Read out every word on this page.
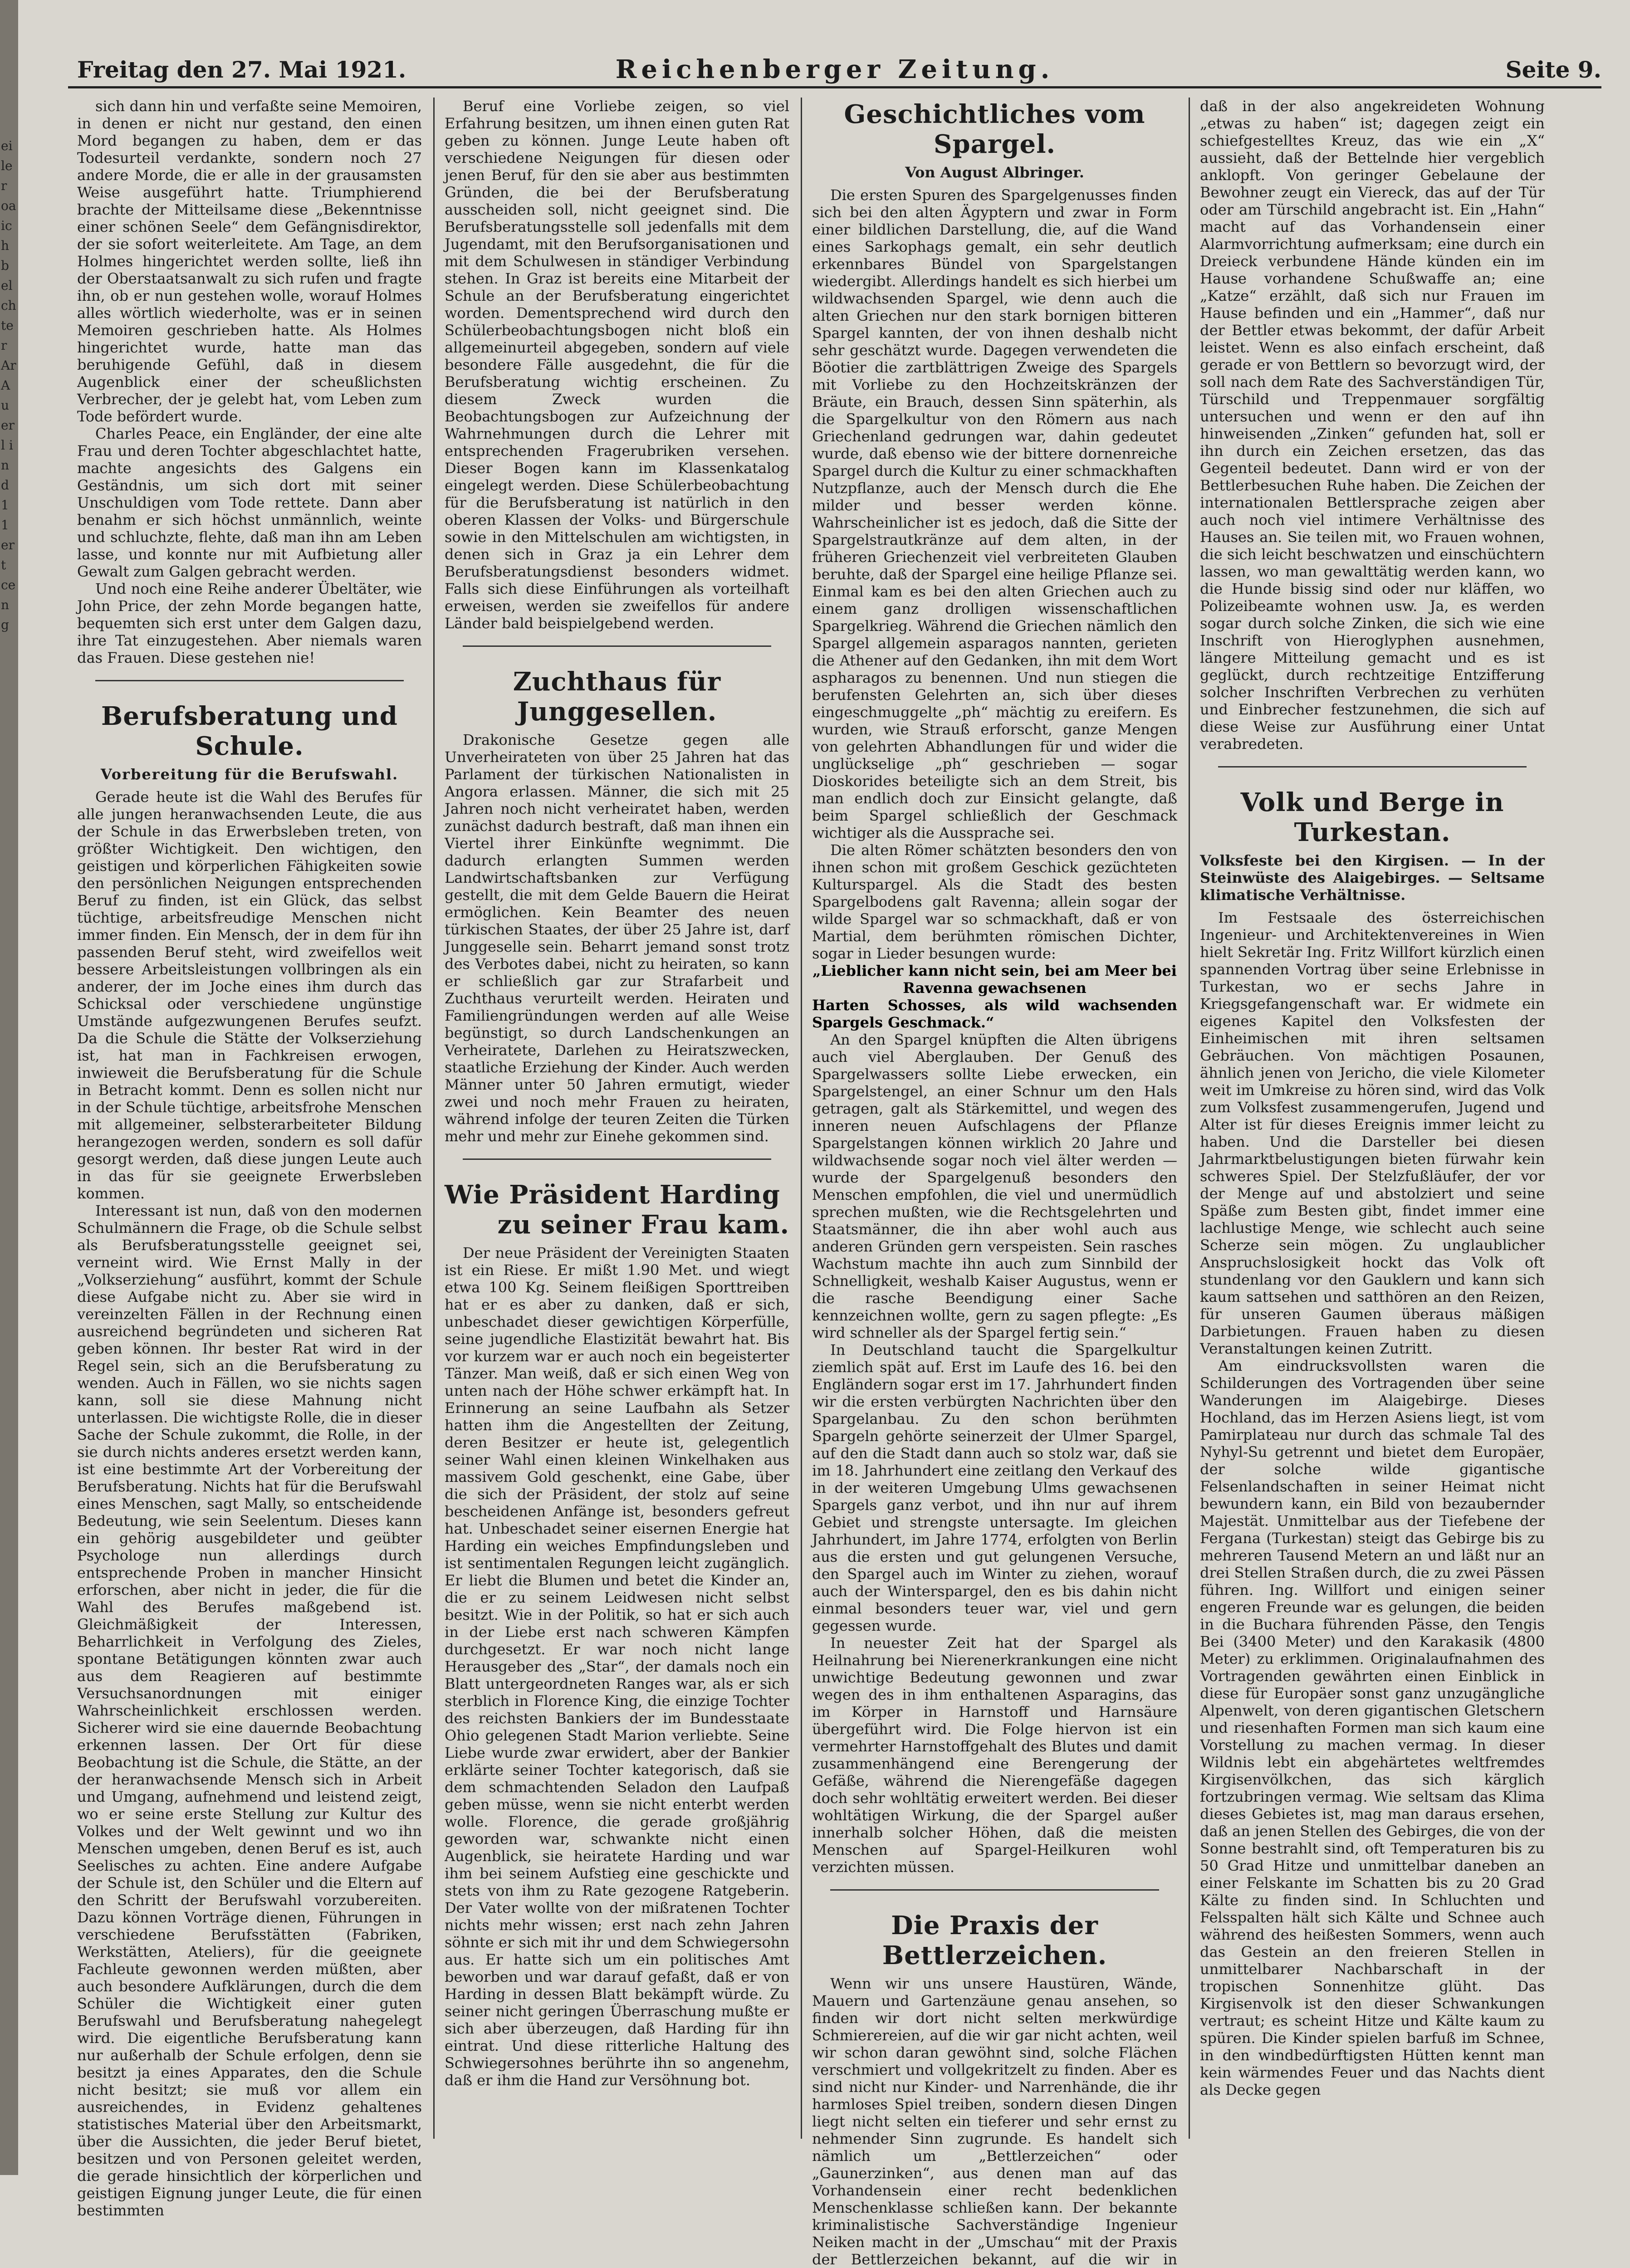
ei ler oa ich bel ch ter Ar Au erl ind 1 1 er t ce ng
Reichenberger Zeitung.
Freitag den 27. Mai 1921.	Seite 9.

sich dann hin und verfaßte seine Memoiren, in denen er nicht nur gestand, den einen Mord begangen zu haben, dem er das Todesurteil verdankte, sondern noch 27 andere Morde, die er alle in der grausamsten Weise ausgeführt hatte. Triumphierend brachte der Mitteilsame diese „Bekenntnisse einer schönen Seele“ dem Gefängnisdirektor, der sie sofort weiterleitete. Am Tage, an dem Holmes hingerichtet werden sollte, ließ ihn der Oberstaatsanwalt zu sich rufen und fragte ihn, ob er nun gestehen wolle, worauf Holmes alles wörtlich wiederholte, was er in seinen Memoiren geschrieben hatte. Als Holmes hingerichtet wurde, hatte man das beruhigende Gefühl, daß in diesem Augenblick einer der scheußlichsten Verbrecher, der je gelebt hat, vom Leben zum Tode befördert wurde.

Charles Peace, ein Engländer, der eine alte Frau und deren Tochter abgeschlachtet hatte, machte angesichts des Galgens ein Geständnis, um sich dort mit seiner Unschuldigen vom Tode rettete. Dann aber benahm er sich höchst unmännlich, weinte und schluchzte, flehte, daß man ihn am Leben lasse, und konnte nur mit Aufbietung aller Gewalt zum Galgen gebracht werden.

Und noch eine Reihe anderer Übeltäter, wie John Price, der zehn Morde begangen hatte, bequemten sich erst unter dem Galgen dazu, ihre Tat einzugestehen. Aber niemals waren das Frauen. Diese gestehen nie!

Berufsberatung und Schule.
Vorbereitung für die Berufswahl.

Gerade heute ist die Wahl des Berufes für alle jungen heranwachsenden Leute, die aus der Schule in das Erwerbsleben treten, von größter Wichtigkeit. Den wichtigen, den geistigen und körperlichen Fähigkeiten sowie den persönlichen Neigungen entsprechenden Beruf zu finden, ist ein Glück, das selbst tüchtige, arbeitsfreudige Menschen nicht immer finden. Ein Mensch, der in dem für ihn passenden Beruf steht, wird zweifellos weit bessere Arbeitsleistungen vollbringen als ein anderer, der im Joche eines ihm durch das Schicksal oder verschiedene ungünstige Umstände aufgezwungenen Berufes seufzt. Da die Schule die Stätte der Volkserziehung ist, hat man in Fachkreisen erwogen, inwieweit die Berufsberatung für die Schule in Betracht kommt. Denn es sollen nicht nur in der Schule tüchtige, arbeitsfrohe Menschen mit allgemeiner, selbsterarbeiteter Bildung herangezogen werden, sondern es soll dafür gesorgt werden, daß diese jungen Leute auch in das für sie geeignete Erwerbsleben kommen.

Interessant ist nun, daß von den modernen Schulmännern die Frage, ob die Schule selbst als Berufsberatungsstelle geeignet sei, verneint wird. Wie Ernst Mally in der „Volkserziehung“ ausführt, kommt der Schule diese Aufgabe nicht zu. Aber sie wird in vereinzelten Fällen in der Rechnung einen ausreichend begründeten und sicheren Rat geben können. Ihr bester Rat wird in der Regel sein, sich an die Berufsberatung zu wenden. Auch in Fällen, wo sie nichts sagen kann, soll sie diese Mahnung nicht unterlassen. Die wichtigste Rolle, die in dieser Sache der Schule zukommt, die Rolle, in der sie durch nichts anderes ersetzt werden kann, ist eine bestimmte Art der Vorbereitung der Berufsberatung. Nichts hat für die Berufswahl eines Menschen, sagt Mally, so entscheidende Bedeutung, wie sein Seelentum. Dieses kann ein gehörig ausgebildeter und geübter Psychologe nun allerdings durch entsprechende Proben in mancher Hinsicht erforschen, aber nicht in jeder, die für die Wahl des Berufes maßgebend ist. Gleichmäßigkeit der Interessen, Beharrlichkeit in Verfolgung des Zieles, spontane Betätigungen könnten zwar auch aus dem Reagieren auf bestimmte Versuchsanordnungen mit einiger Wahrscheinlichkeit erschlossen werden. Sicherer wird sie eine dauernde Beobachtung erkennen lassen. Der Ort für diese Beobachtung ist die Schule, die Stätte, an der der heranwachsende Mensch sich in Arbeit und Umgang, aufnehmend und leistend zeigt, wo er seine erste Stellung zur Kultur des Volkes und der Welt gewinnt und wo ihn Menschen umgeben, denen Beruf es ist, auch Seelisches zu achten. Eine andere Aufgabe der Schule ist, den Schüler und die Eltern auf den Schritt der Berufswahl vorzubereiten. Dazu können Vorträge dienen, Führungen in verschiedene Berufsstätten (Fabriken, Werkstätten, Ateliers), für die geeignete Fachleute gewonnen werden müßten, aber auch besondere Aufklärungen, durch die dem Schüler die Wichtigkeit einer guten Berufswahl und Berufsberatung nahegelegt wird. Die eigentliche Berufsberatung kann nur außerhalb der Schule erfolgen, denn sie besitzt ja eines Apparates, den die Schule nicht besitzt; sie muß vor allem ein ausreichendes, in Evidenz gehaltenes statistisches Material über den Arbeitsmarkt, über die Aussichten, die jeder Beruf bietet, besitzen und von Personen geleitet werden, die gerade hinsichtlich der körperlichen und geistigen Eignung junger Leute, die für einen bestimmten

Beruf eine Vorliebe zeigen, so viel Erfahrung besitzen, um ihnen einen guten Rat geben zu können. Junge Leute haben oft verschiedene Neigungen für diesen oder jenen Beruf, für den sie aber aus bestimmten Gründen, die bei der Berufsberatung ausscheiden soll, nicht geeignet sind. Die Berufsberatungsstelle soll jedenfalls mit dem Jugendamt, mit den Berufsorganisationen und mit dem Schulwesen in ständiger Verbindung stehen. In Graz ist bereits eine Mitarbeit der Schule an der Berufsberatung eingerichtet worden. Dementsprechend wird durch den Schülerbeobachtungsbogen nicht bloß ein allgemeinurteil abgegeben, sondern auf viele besondere Fälle ausgedehnt, die für die Berufsberatung wichtig erscheinen. Zu diesem Zweck wurden die Beobachtungsbogen zur Aufzeichnung der Wahrnehmungen durch die Lehrer mit entsprechenden Fragerubriken versehen. Dieser Bogen kann im Klassenkatalog eingelegt werden. Diese Schülerbeobachtung für die Berufsberatung ist natürlich in den oberen Klassen der Volks- und Bürgerschule sowie in den Mittelschulen am wichtigsten, in denen sich in Graz ja ein Lehrer dem Berufsberatungsdienst besonders widmet. Falls sich diese Einführungen als vorteilhaft erweisen, werden sie zweifellos für andere Länder bald beispielgebend werden.

Zuchthaus für Junggesellen.

Drakonische Gesetze gegen alle Unverheirateten von über 25 Jahren hat das Parlament der türkischen Nationalisten in Angora erlassen. Männer, die sich mit 25 Jahren noch nicht verheiratet haben, werden zunächst dadurch bestraft, daß man ihnen ein Viertel ihrer Einkünfte wegnimmt. Die dadurch erlangten Summen werden Landwirtschaftsbanken zur Verfügung gestellt, die mit dem Gelde Bauern die Heirat ermöglichen. Kein Beamter des neuen türkischen Staates, der über 25 Jahre ist, darf Junggeselle sein. Beharrt jemand sonst trotz des Verbotes dabei, nicht zu heiraten, so kann er schließlich gar zur Strafarbeit und Zuchthaus verurteilt werden. Heiraten und Familiengründungen werden auf alle Weise begünstigt, so durch Landschenkungen an Verheiratete, Darlehen zu Heiratszwecken, staatliche Erziehung der Kinder. Auch werden Männer unter 50 Jahren ermutigt, wieder zwei und noch mehr Frauen zu heiraten, während infolge der teuren Zeiten die Türken mehr und mehr zur Einehe gekommen sind.

Wie Präsident Harding
zu seiner Frau kam.

Der neue Präsident der Vereinigten Staaten ist ein Riese. Er mißt 1.90 Met. und wiegt etwa 100 Kg. Seinem fleißigen Sporttreiben hat er es aber zu danken, daß er sich, unbeschadet dieser gewichtigen Körperfülle, seine jugendliche Elastizität bewahrt hat. Bis vor kurzem war er auch noch ein begeisterter Tänzer. Man weiß, daß er sich einen Weg von unten nach der Höhe schwer erkämpft hat. In Erinnerung an seine Laufbahn als Setzer hatten ihm die Angestellten der Zeitung, deren Besitzer er heute ist, gelegentlich seiner Wahl einen kleinen Winkelhaken aus massivem Gold geschenkt, eine Gabe, über die sich der Präsident, der stolz auf seine bescheidenen Anfänge ist, besonders gefreut hat. Unbeschadet seiner eisernen Energie hat Harding ein weiches Empfindungsleben und ist sentimentalen Regungen leicht zugänglich. Er liebt die Blumen und betet die Kinder an, die er zu seinem Leidwesen nicht selbst besitzt. Wie in der Politik, so hat er sich auch in der Liebe erst nach schweren Kämpfen durchgesetzt. Er war noch nicht lange Herausgeber des „Star“, der damals noch ein Blatt untergeordneten Ranges war, als er sich sterblich in Florence King, die einzige Tochter des reichsten Bankiers der im Bundesstaate Ohio gelegenen Stadt Marion verliebte. Seine Liebe wurde zwar erwidert, aber der Bankier erklärte seiner Tochter kategorisch, daß sie dem schmachtenden Seladon den Laufpaß geben müsse, wenn sie nicht enterbt werden wolle. Florence, die gerade großjährig geworden war, schwankte nicht einen Augenblick, sie heiratete Harding und war ihm bei seinem Aufstieg eine geschickte und stets von ihm zu Rate gezogene Ratgeberin. Der Vater wollte von der mißratenen Tochter nichts mehr wissen; erst nach zehn Jahren söhnte er sich mit ihr und dem Schwiegersohn aus. Er hatte sich um ein politisches Amt beworben und war darauf gefaßt, daß er von Harding in dessen Blatt bekämpft würde. Zu seiner nicht geringen Überraschung mußte er sich aber überzeugen, daß Harding für ihn eintrat. Und diese ritterliche Haltung des Schwiegersohnes berührte ihn so angenehm, daß er ihm die Hand zur Versöhnung bot.

Geschichtliches vom Spargel.
Von August Albringer.

Die ersten Spuren des Spargelgenusses finden sich bei den alten Ägyptern und zwar in Form einer bildlichen Darstellung, die, auf die Wand eines Sarkophags gemalt, ein sehr deutlich erkennbares Bündel von Spargelstangen wiedergibt. Allerdings handelt es sich hierbei um wildwachsenden Spargel, wie denn auch die alten Griechen nur den stark bornigen bitteren Spargel kannten, der von ihnen deshalb nicht sehr geschätzt wurde. Dagegen verwendeten die Böotier die zartblättrigen Zweige des Spargels mit Vorliebe zu den Hochzeitskränzen der Bräute, ein Brauch, dessen Sinn späterhin, als die Spargelkultur von den Römern aus nach Griechenland gedrungen war, dahin gedeutet wurde, daß ebenso wie der bittere dornenreiche Spargel durch die Kultur zu einer schmackhaften Nutzpflanze, auch der Mensch durch die Ehe milder und besser werden könne. Wahrscheinlicher ist es jedoch, daß die Sitte der Spargelstrautkränze auf dem alten, in der früheren Griechenzeit viel verbreiteten Glauben beruhte, daß der Spargel eine heilige Pflanze sei. Einmal kam es bei den alten Griechen auch zu einem ganz drolligen wissenschaftlichen Spargelkrieg. Während die Griechen nämlich den Spargel allgemein asparagos nannten, gerieten die Athener auf den Gedanken, ihn mit dem Wort aspharagos zu benennen. Und nun stiegen die berufensten Gelehrten an, sich über dieses eingeschmuggelte „ph“ mächtig zu ereifern. Es wurden, wie Strauß erforscht, ganze Mengen von gelehrten Abhandlungen für und wider die unglückselige „ph“ geschrieben — sogar Dioskorides beteiligte sich an dem Streit, bis man endlich doch zur Einsicht gelangte, daß beim Spargel schließlich der Geschmack wichtiger als die Aussprache sei.

Die alten Römer schätzten besonders den von ihnen schon mit großem Geschick gezüchteten Kulturspargel. Als die Stadt des besten Spargelbodens galt Ravenna; allein sogar der wilde Spargel war so schmackhaft, daß er von Martial, dem berühmten römischen Dichter, sogar in Lieder besungen wurde:

„Lieblicher kann nicht sein, bei am Meer bei Ravenna gewachsenen

Harten Schosses, als wild wachsenden Spargels Geschmack.“

An den Spargel knüpften die Alten übrigens auch viel Aberglauben. Der Genuß des Spargelwassers sollte Liebe erwecken, ein Spargelstengel, an einer Schnur um den Hals getragen, galt als Stärkemittel, und wegen des inneren neuen Aufschlagens der Pflanze Spargelstangen können wirklich 20 Jahre und wildwachsende sogar noch viel älter werden — wurde der Spargelgenuß besonders den Menschen empfohlen, die viel und unermüdlich sprechen mußten, wie die Rechtsgelehrten und Staatsmänner, die ihn aber wohl auch aus anderen Gründen gern verspeisten. Sein rasches Wachstum machte ihn auch zum Sinnbild der Schnelligkeit, weshalb Kaiser Augustus, wenn er die rasche Beendigung einer Sache kennzeichnen wollte, gern zu sagen pflegte: „Es wird schneller als der Spargel fertig sein.“

In Deutschland taucht die Spargelkultur ziemlich spät auf. Erst im Laufe des 16. bei den Engländern sogar erst im 17. Jahrhundert finden wir die ersten verbürgten Nachrichten über den Spargelanbau. Zu den schon berühmten Spargeln gehörte seinerzeit der Ulmer Spargel, auf den die Stadt dann auch so stolz war, daß sie im 18. Jahrhundert eine zeitlang den Verkauf des in der weiteren Umgebung Ulms gewachsenen Spargels ganz verbot, und ihn nur auf ihrem Gebiet und strengste untersagte. Im gleichen Jahrhundert, im Jahre 1774, erfolgten von Berlin aus die ersten und gut gelungenen Versuche, den Spargel auch im Winter zu ziehen, worauf auch der Winterspargel, den es bis dahin nicht einmal besonders teuer war, viel und gern gegessen wurde.

In neuester Zeit hat der Spargel als Heilnahrung bei Nierenerkrankungen eine nicht unwichtige Bedeutung gewonnen und zwar wegen des in ihm enthaltenen Asparagins, das im Körper in Harnstoff und Harnsäure übergeführt wird. Die Folge hiervon ist ein vermehrter Harnstoffgehalt des Blutes und damit zusammenhängend eine Berengerung der Gefäße, während die Nierengefäße dagegen doch sehr wohltätig erweitert werden. Bei dieser wohltätigen Wirkung, die der Spargel außer innerhalb solcher Höhen, daß die meisten Menschen auf Spargel-Heilkuren wohl verzichten müssen.

Die Praxis der Bettlerzeichen.

Wenn wir uns unsere Haustüren, Wände, Mauern und Gartenzäune genau ansehen, so finden wir dort nicht selten merkwürdige Schmierereien, auf die wir gar nicht achten, weil wir schon daran gewöhnt sind, solche Flächen verschmiert und vollgekritzelt zu finden. Aber es sind nicht nur Kinder- und Narrenhände, die ihr harmloses Spiel treiben, sondern diesen Dingen liegt nicht selten ein tieferer und sehr ernst zu nehmender Sinn zugrunde. Es handelt sich nämlich um „Bettlerzeichen“ oder „Gaunerzinken“, aus denen man auf das Vorhandensein einer recht bedenklichen Menschenklasse schließen kann. Der bekannte kriminalistische Sachverständige Ingenieur Neiken macht in der „Umschau“ mit der Praxis der Bettlerzeichen bekannt, auf die wir in

daß in der also angekreideten Wohnung „etwas zu haben“ ist; dagegen zeigt ein schiefgestelltes Kreuz, das wie ein „X“ aussieht, daß der Bettelnde hier vergeblich anklopft. Von geringer Gebelaune der Bewohner zeugt ein Viereck, das auf der Tür oder am Türschild angebracht ist. Ein „Hahn“ macht auf das Vorhandensein einer Alarmvorrichtung aufmerksam; eine durch ein Dreieck verbundene Hände künden ein im Hause vorhandene Schußwaffe an; eine „Katze“ erzählt, daß sich nur Frauen im Hause befinden und ein „Hammer“, daß nur der Bettler etwas bekommt, der dafür Arbeit leistet. Wenn es also einfach erscheint, daß gerade er von Bettlern so bevorzugt wird, der soll nach dem Rate des Sachverständigen Tür, Türschild und Treppenmauer sorgfältig untersuchen und wenn er den auf ihn hinweisenden „Zinken“ gefunden hat, soll er ihn durch ein Zeichen ersetzen, das das Gegenteil bedeutet. Dann wird er von der Bettlerbesuchen Ruhe haben. Die Zeichen der internationalen Bettlersprache zeigen aber auch noch viel intimere Verhältnisse des Hauses an. Sie teilen mit, wo Frauen wohnen, die sich leicht beschwatzen und einschüchtern lassen, wo man gewalttätig werden kann, wo die Hunde bissig sind oder nur kläffen, wo Polizeibeamte wohnen usw. Ja, es werden sogar durch solche Zinken, die sich wie eine Inschrift von Hieroglyphen ausnehmen, längere Mitteilung gemacht und es ist geglückt, durch rechtzeitige Entzifferung solcher Inschriften Verbrechen zu verhüten und Einbrecher festzunehmen, die sich auf diese Weise zur Ausführung einer Untat verabredeten.

Volk und Berge in Turkestan.
Volksfeste bei den Kirgisen. — In der Steinwüste des Alaigebirges. — Seltsame klimatische Verhältnisse.

Im Festsaale des österreichischen Ingenieur- und Architektenvereines in Wien hielt Sekretär Ing. Fritz Willfort kürzlich einen spannenden Vortrag über seine Erlebnisse in Turkestan, wo er sechs Jahre in Kriegsgefangenschaft war. Er widmete ein eigenes Kapitel den Volksfesten der Einheimischen mit ihren seltsamen Gebräuchen. Von mächtigen Posaunen, ähnlich jenen von Jericho, die viele Kilometer weit im Umkreise zu hören sind, wird das Volk zum Volksfest zusammengerufen, Jugend und Alter ist für dieses Ereignis immer leicht zu haben. Und die Darsteller bei diesen Jahrmarktbelustigungen bieten fürwahr kein schweres Spiel. Der Stelzfußläufer, der vor der Menge auf und abstolziert und seine Späße zum Besten gibt, findet immer eine lachlustige Menge, wie schlecht auch seine Scherze sein mögen. Zu unglaublicher Anspruchslosigkeit hockt das Volk oft stundenlang vor den Gauklern und kann sich kaum sattsehen und satthören an den Reizen, für unseren Gaumen überaus mäßigen Darbietungen. Frauen haben zu diesen Veranstaltungen keinen Zutritt.

Am eindrucksvollsten waren die Schilderungen des Vortragenden über seine Wanderungen im Alaigebirge. Dieses Hochland, das im Herzen Asiens liegt, ist vom Pamirplateau nur durch das schmale Tal des Nyhyl-Su getrennt und bietet dem Europäer, der solche wilde gigantische Felsenlandschaften in seiner Heimat nicht bewundern kann, ein Bild von bezaubernder Majestät. Unmittelbar aus der Tiefebene der Fergana (Turkestan) steigt das Gebirge bis zu mehreren Tausend Metern an und läßt nur an drei Stellen Straßen durch, die zu zwei Pässen führen. Ing. Willfort und einigen seiner engeren Freunde war es gelungen, die beiden in die Buchara führenden Pässe, den Tengis Bei (3400 Meter) und den Karakasik (4800 Meter) zu erklimmen. Originalaufnahmen des Vortragenden gewährten einen Einblick in diese für Europäer sonst ganz unzugängliche Alpenwelt, von deren gigantischen Gletschern und riesenhaften Formen man sich kaum eine Vorstellung zu machen vermag. In dieser Wildnis lebt ein abgehärtetes weltfremdes Kirgisenvölkchen, das sich kärglich fortzubringen vermag. Wie seltsam das Klima dieses Gebietes ist, mag man daraus ersehen, daß an jenen Stellen des Gebirges, die von der Sonne bestrahlt sind, oft Temperaturen bis zu 50 Grad Hitze und unmittelbar daneben an einer Felskante im Schatten bis zu 20 Grad Kälte zu finden sind. In Schluchten und Felsspalten hält sich Kälte und Schnee auch während des heißesten Sommers, wenn auch das Gestein an den freieren Stellen in unmittelbarer Nachbarschaft in der tropischen Sonnenhitze glüht. Das Kirgisenvolk ist den dieser Schwankungen vertraut; es scheint Hitze und Kälte kaum zu spüren. Die Kinder spielen barfuß im Schnee, in den windbedürftigsten Hütten kennt man kein wärmendes Feuer und das Nachts dient als Decke gegen
